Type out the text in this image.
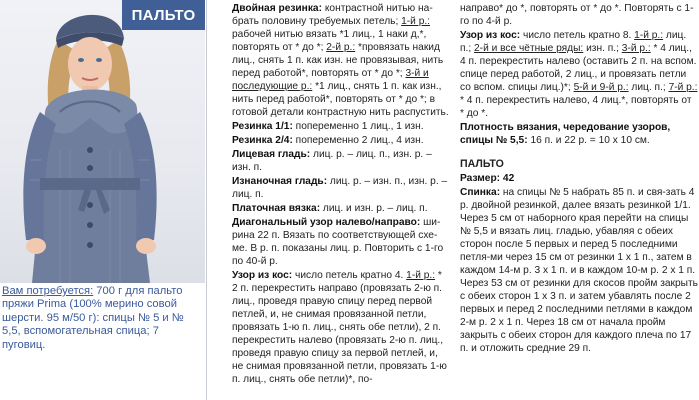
ПАЛЬТО
Вам потребуется: 700 г для пальто пряжи Prima (100% мерино совой шерсти. 95 м/50 г): спицы № 5 и № 5,5, вспомогательная спица; 7 пуговиц.

Двойная резинка: контрастной нитью на-брать половину требуемых петель; 1-й р.: рабочей нитью вязать *1 лиц., 1 наки д,*, повторять от * до *; 2-й р.: *провязать накид лиц., снять 1 п. как изн. не провязывая, нить перед работой*, повторять от * до *; 3-й и последующие р.: *1 лиц., снять 1 п. как изн., нить перед работой*, повторять от * до *; в готовой детали контрастную нить распустить.

Резинка 1/1: попеременно 1 лиц., 1 изн.

Резинка 2/4: попеременно 2 лиц., 4 изн.

Лицевая гладь: лиц. р. – лиц. п., изн. р. – изн. п.

Изнаночная гладь: лиц. р. – изн. п., изн. р. – лиц. п.

Платочная вязка: лиц. и изн. р. – лиц. п.

Диагональный узор налево/направо: ши-рина 22 п. Вязать по соответствующей схе-ме. В р. п. показаны лиц. р. Повторить с 1-го по 40-й р.

Узор из кос: число петель кратно 4. 1-й р.: * 2 п. перекрестить направо (провязать 2-ю п. лиц., проведя правую спицу перед первой петлей, и, не снимая провязанной петли, провязать 1-ю п. лиц., снять обе петли), 2 п. перекрестить налево (провязать 2-ю п. лиц., проведя правую спицу за первой петлей, и, не снимая провязанной петли, провязать 1-ю п. лиц., снять обе петли)*, по-

направо* до *, повторять от * до *. Повторять с 1-го по 4-й р.

Узор из кос: число петель кратно 8. 1-й р.: лиц. п.; 2-й и все чётные ряды: изн. п.; 3-й р.: * 4 лиц., 4 п. перекрестить налево (оставить 2 п. на вспом. спице перед работой, 2 лиц., и провязать петли со вспом. спицы лиц.)*; 5-й и 9-й р.: лиц. п.; 7-й р.: * 4 п. перекрестить налево, 4 лиц.*, повторять от * до *.

Плотность вязания, чередование узоров, спицы № 5,5: 16 п. и 22 р. = 10 х 10 см.

ПАЛЬТО

Размер: 42

Спинка: на спицы № 5 набрать 85 п. и свя-зать 4 р. двойной резинкой, далее вязать резинкой 1/1. Через 5 см от наборного края перейти на спицы № 5,5 и вязать лиц. гладью, убавляя с обеих сторон после 5 первых и перед 5 последними петля-ми через 15 см от резинки 1 х 1 п., затем в каждом 14-м р. 3 х 1 п. и в каждом 10-м р. 2 х 1 п. Через 53 см от резинки для скосов пройм закрыть с обеих сторон 1 х 3 п. и затем убавлять после 2 первых и перед 2 последними петлями в каждом 2-м р. 2 х 1 п. Через 18 см от начала пройм закрыть с обеих сторон для каждого плеча по 17 п. и отложить средние 29 п.
